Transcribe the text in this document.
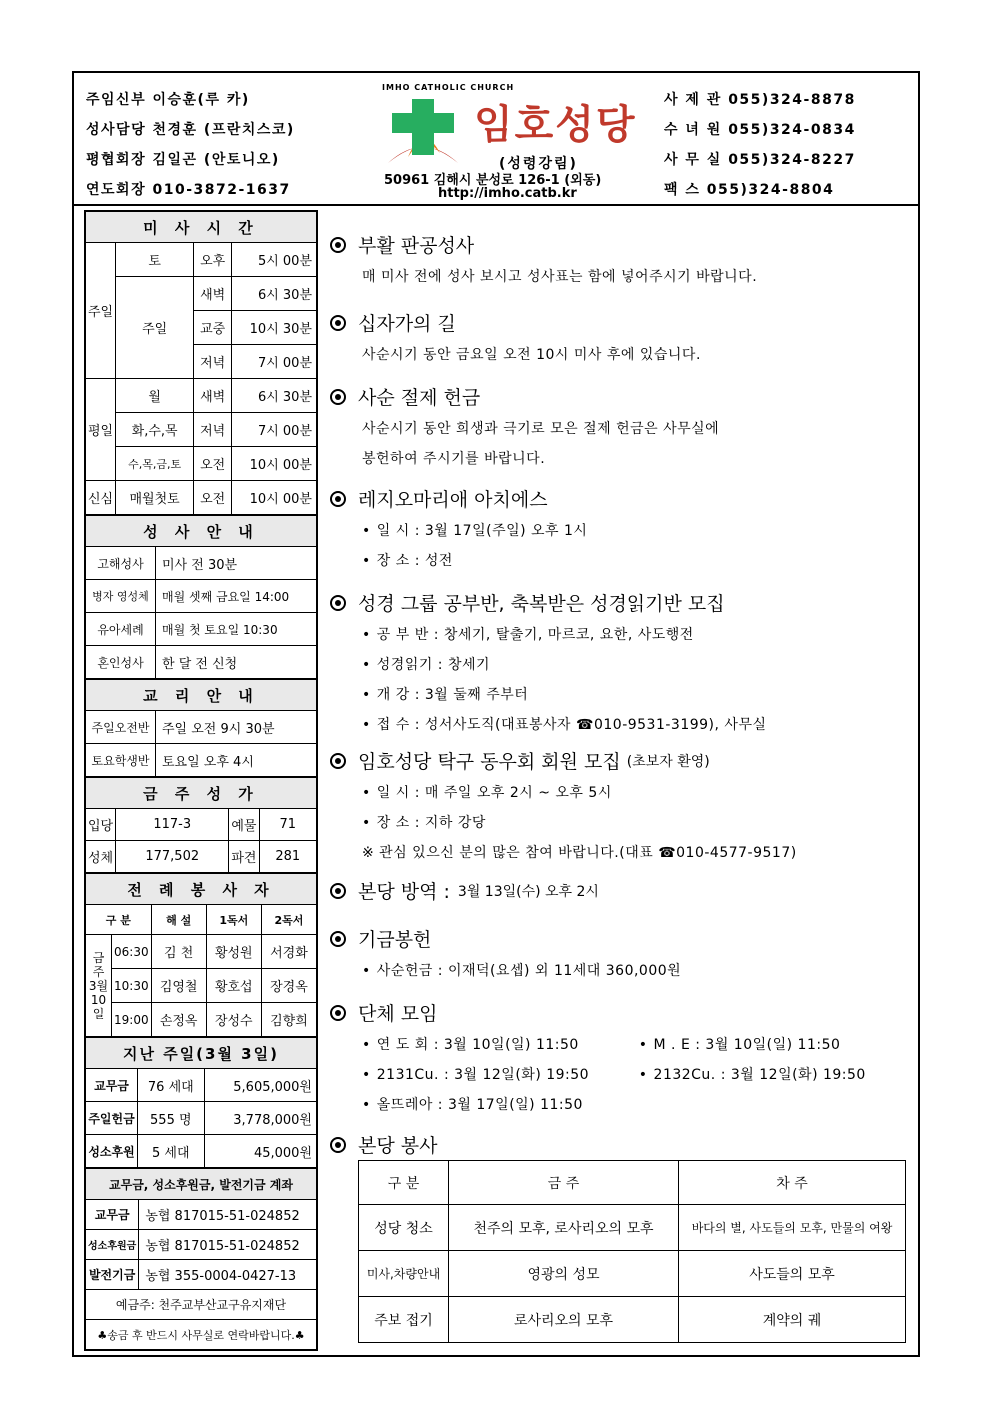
주임신부 이승훈(루 카)
성사담당 천경훈 (프란치스코)
평협회장 김일곤 (안토니오)
연도회장 010-3872-1637
IMHO CATHOLIC CHURCH
임호성당
(성령강림)
50961 김해시 분성로 126-1 (외동)
http://imho.catb.kr
사 제 관 055)324-8878
수 녀 원 055)324-0834
사 무 실 055)324-8227
팩 스 055)324-8804
미 사 시 간			
주일	토	오후	5시 00분
	주일	새벽	6시 30분
		교중	10시 30분
		저녁	7시 00분
평일	월	새벽	6시 30분
	화,수,목	저녁	7시 00분
	수,목,금,토	오전	10시 00분
신심	매월첫토	오전	10시 00분
성 사 안 내	
고해성사	미사 전 30분
병자 영성체	매월 셋째 금요일 14:00
유아세례	매월 첫 토요일 10:30
혼인성사	한 달 전 신청
교 리 안 내	
주일오전반	주일 오전 9시 30분
토요학생반	토요일 오후 4시
금 주 성 가			
입당	117-3	예물	71
성체	177,502	파견	281
전 례 봉 사 자				
구 분		해 설	1독서	2독서
금주 3월 10일	06:30	김 천	황성원	서경화
	10:30	김영철	황호섭	장경옥
	19:00	손정옥	장성수	김향희
지난 주일(3월 3일)		
교무금	76 세대	5,605,000원
주일헌금	555 명	3,778,000원
성소후원	5 세대	45,000원
교무금, 성소후원금, 발전기금 계좌	
교무금	농협 817015-51-024852
성소후원금	농협 817015-51-024852
발전기금	농협 355-0004-0427-13
예금주: 천주교부산교구유지재단	
♣송금 후 반드시 사무실로 연락바랍니다.♣	
부활 판공성사
매 미사 전에 성사 보시고 성사표는 함에 넣어주시기 바랍니다.
십자가의 길
사순시기 동안 금요일 오전 10시 미사 후에 있습니다.
사순 절제 헌금
사순시기 동안 희생과 극기로 모은 절제 헌금은 사무실에
봉헌하여 주시기를 바랍니다.
레지오마리애 아치에스
• 일 시 : 3월 17일(주일) 오후 1시
• 장 소 : 성전
성경 그룹 공부반, 축복받은 성경읽기반 모집
• 공 부 반 : 창세기, 탈출기, 마르코, 요한, 사도행전
• 성경읽기 : 창세기
• 개 강 : 3월 둘째 주부터
• 접 수 : 성서사도직(대표봉사자 ☎010-9531-3199), 사무실
임호성당 탁구 동우회 회원 모집 (초보자 환영)
• 일 시 : 매 주일 오후 2시 ~ 오후 5시
• 장 소 : 지하 강당
※ 관심 있으신 분의 많은 참여 바랍니다.(대표 ☎010-4577-9517)
본당 방역 : 3월 13일(수) 오후 2시
기금봉헌
• 사순헌금 : 이재덕(요셉) 외 11세대 360,000원
단체 모임
• 연 도 회 : 3월 10일(일) 11:50	• M . E : 3월 10일(일) 11:50
• 2131Cu. : 3월 12일(화) 19:50	• 2132Cu. : 3월 12일(화) 19:50
• 올뜨레아 : 3월 17일(일) 11:50
본당 봉사
구 분	금 주	차 주
성당 청소	천주의 모후, 로사리오의 모후	바다의 별, 사도들의 모후, 만물의 여왕
미사,차량안내	영광의 성모	사도들의 모후
주보 접기	로사리오의 모후	계약의 궤
